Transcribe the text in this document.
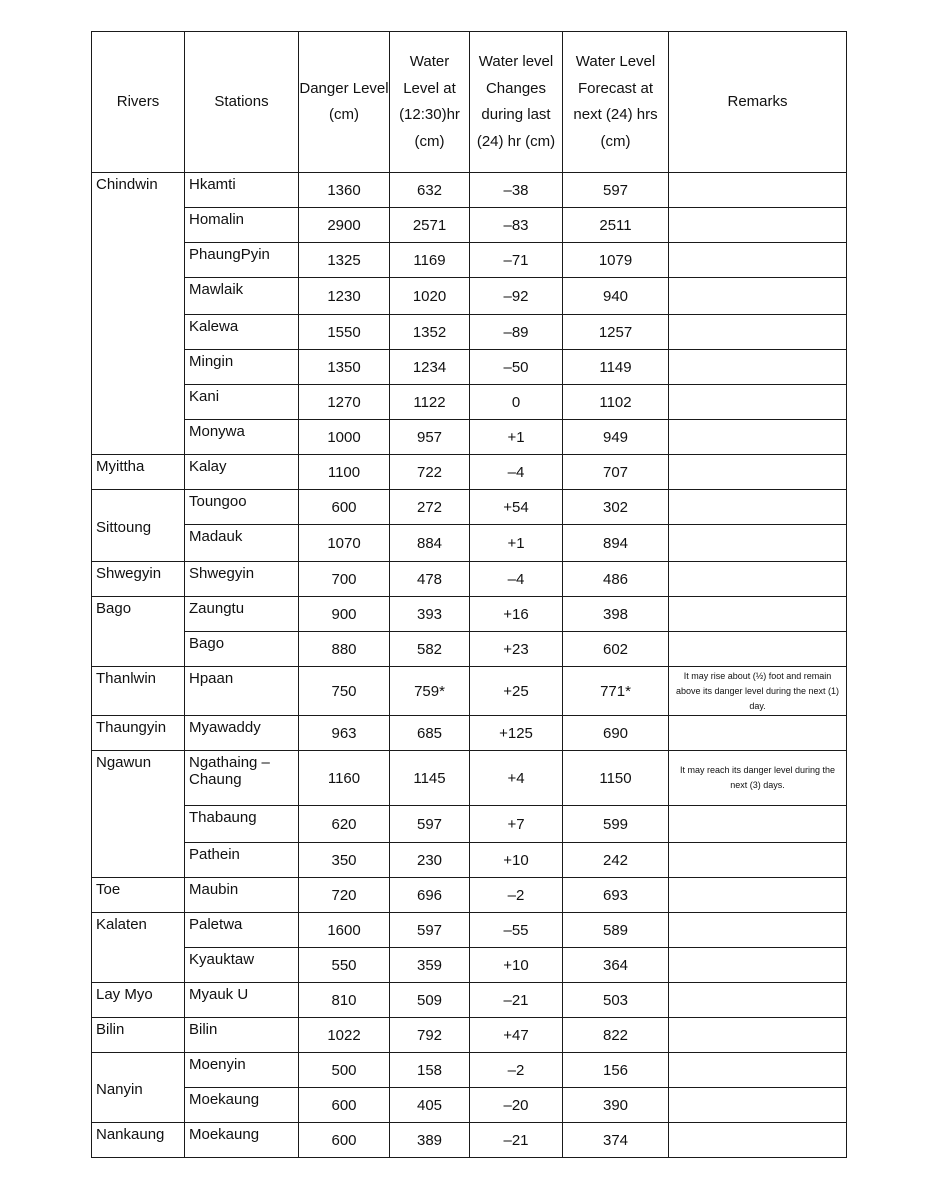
Rivers	Stations	Danger Level (cm)	Water Level at (12:30)hr (cm)	Water level Changes during last (24) hr (cm)	Water Level Forecast at next (24) hrs (cm)	Remarks
Chindwin	Hkamti	1360	632	–38	597	
	Homalin	2900	2571	–83	2511	
	PhaungPyin	1325	1169	–71	1079	
	Mawlaik	1230	1020	–92	940	
	Kalewa	1550	1352	–89	1257	
	Mingin	1350	1234	–50	1149	
	Kani	1270	1122	0	1102	
	Monywa	1000	957	+1	949	
Myittha	Kalay	1100	722	–4	707	
Sittoung	Toungoo	600	272	+54	302	
	Madauk	1070	884	+1	894	
Shwegyin	Shwegyin	700	478	–4	486	
Bago	Zaungtu	900	393	+16	398	
	Bago	880	582	+23	602	
Thanlwin	Hpaan	750	759*	+25	771*	It may rise about (½) foot and remain above its danger level during the next (1) day.
Thaungyin	Myawaddy	963	685	+125	690	
Ngawun	Ngathaing – Chaung	1160	1145	+4	1150	It may reach its danger level during the next (3) days.
	Thabaung	620	597	+7	599	
	Pathein	350	230	+10	242	
Toe	Maubin	720	696	–2	693	
Kalaten	Paletwa	1600	597	–55	589	
	Kyauktaw	550	359	+10	364	
Lay Myo	Myauk U	810	509	–21	503	
Bilin	Bilin	1022	792	+47	822	
Nanyin	Moenyin	500	158	–2	156	
	Moekaung	600	405	–20	390	
Nankaung	Moekaung	600	389	–21	374	
